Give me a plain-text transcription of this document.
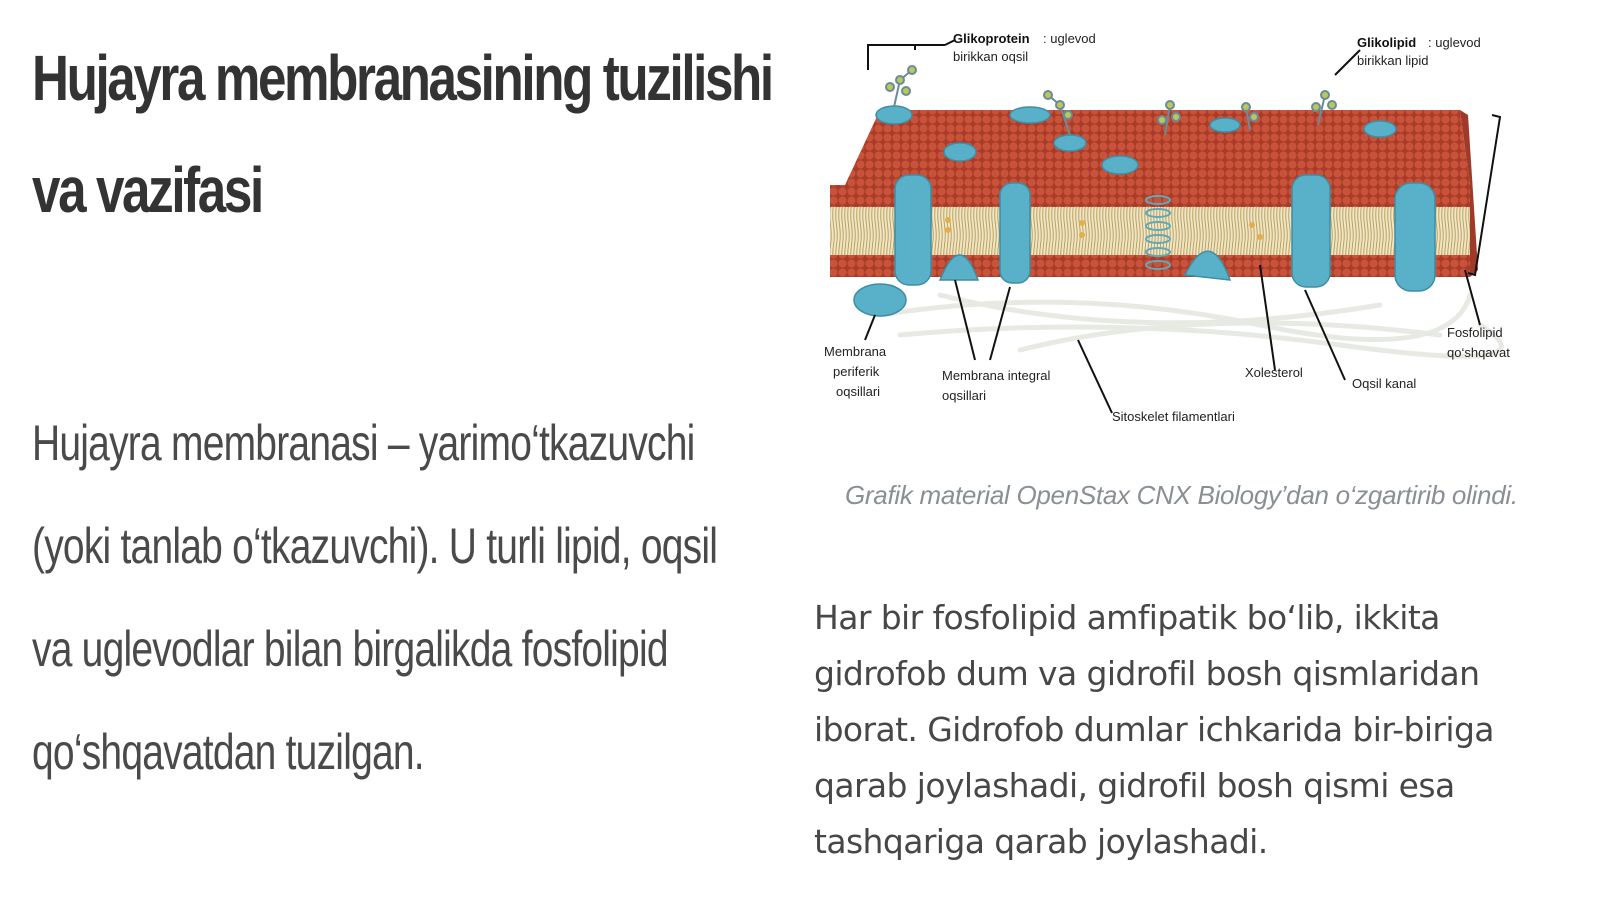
Hujayra membranasining tuzilishi va vazifasi
Hujayra membranasi – yarimo‘tkazuvchi (yoki tanlab o‘tkazuvchi). U turli lipid, oqsil va uglevodlar bilan birgalikda fosfolipid qo‘shqavatdan tuzilgan.
Glikoprotein : uglevod
birikkan oqsil
Glikolipid : uglevod
birikkan lipid
Membrana
periferik
oqsillari
Membrana integral
oqsillari
Sitoskelet filamentlari
Xolesterol
Oqsil kanal
Fosfolipid
qo‘shqavat
Grafik material OpenStax CNX Biology’dan o‘zgartirib olindi.
Har bir fosfolipid amfipatik bo‘lib, ikkita gidrofob dum va gidrofil bosh qismlaridan iborat. Gidrofob dumlar ichkarida bir-biriga qarab joylashadi, gidrofil bosh qismi esa tashqariga qarab joylashadi.
